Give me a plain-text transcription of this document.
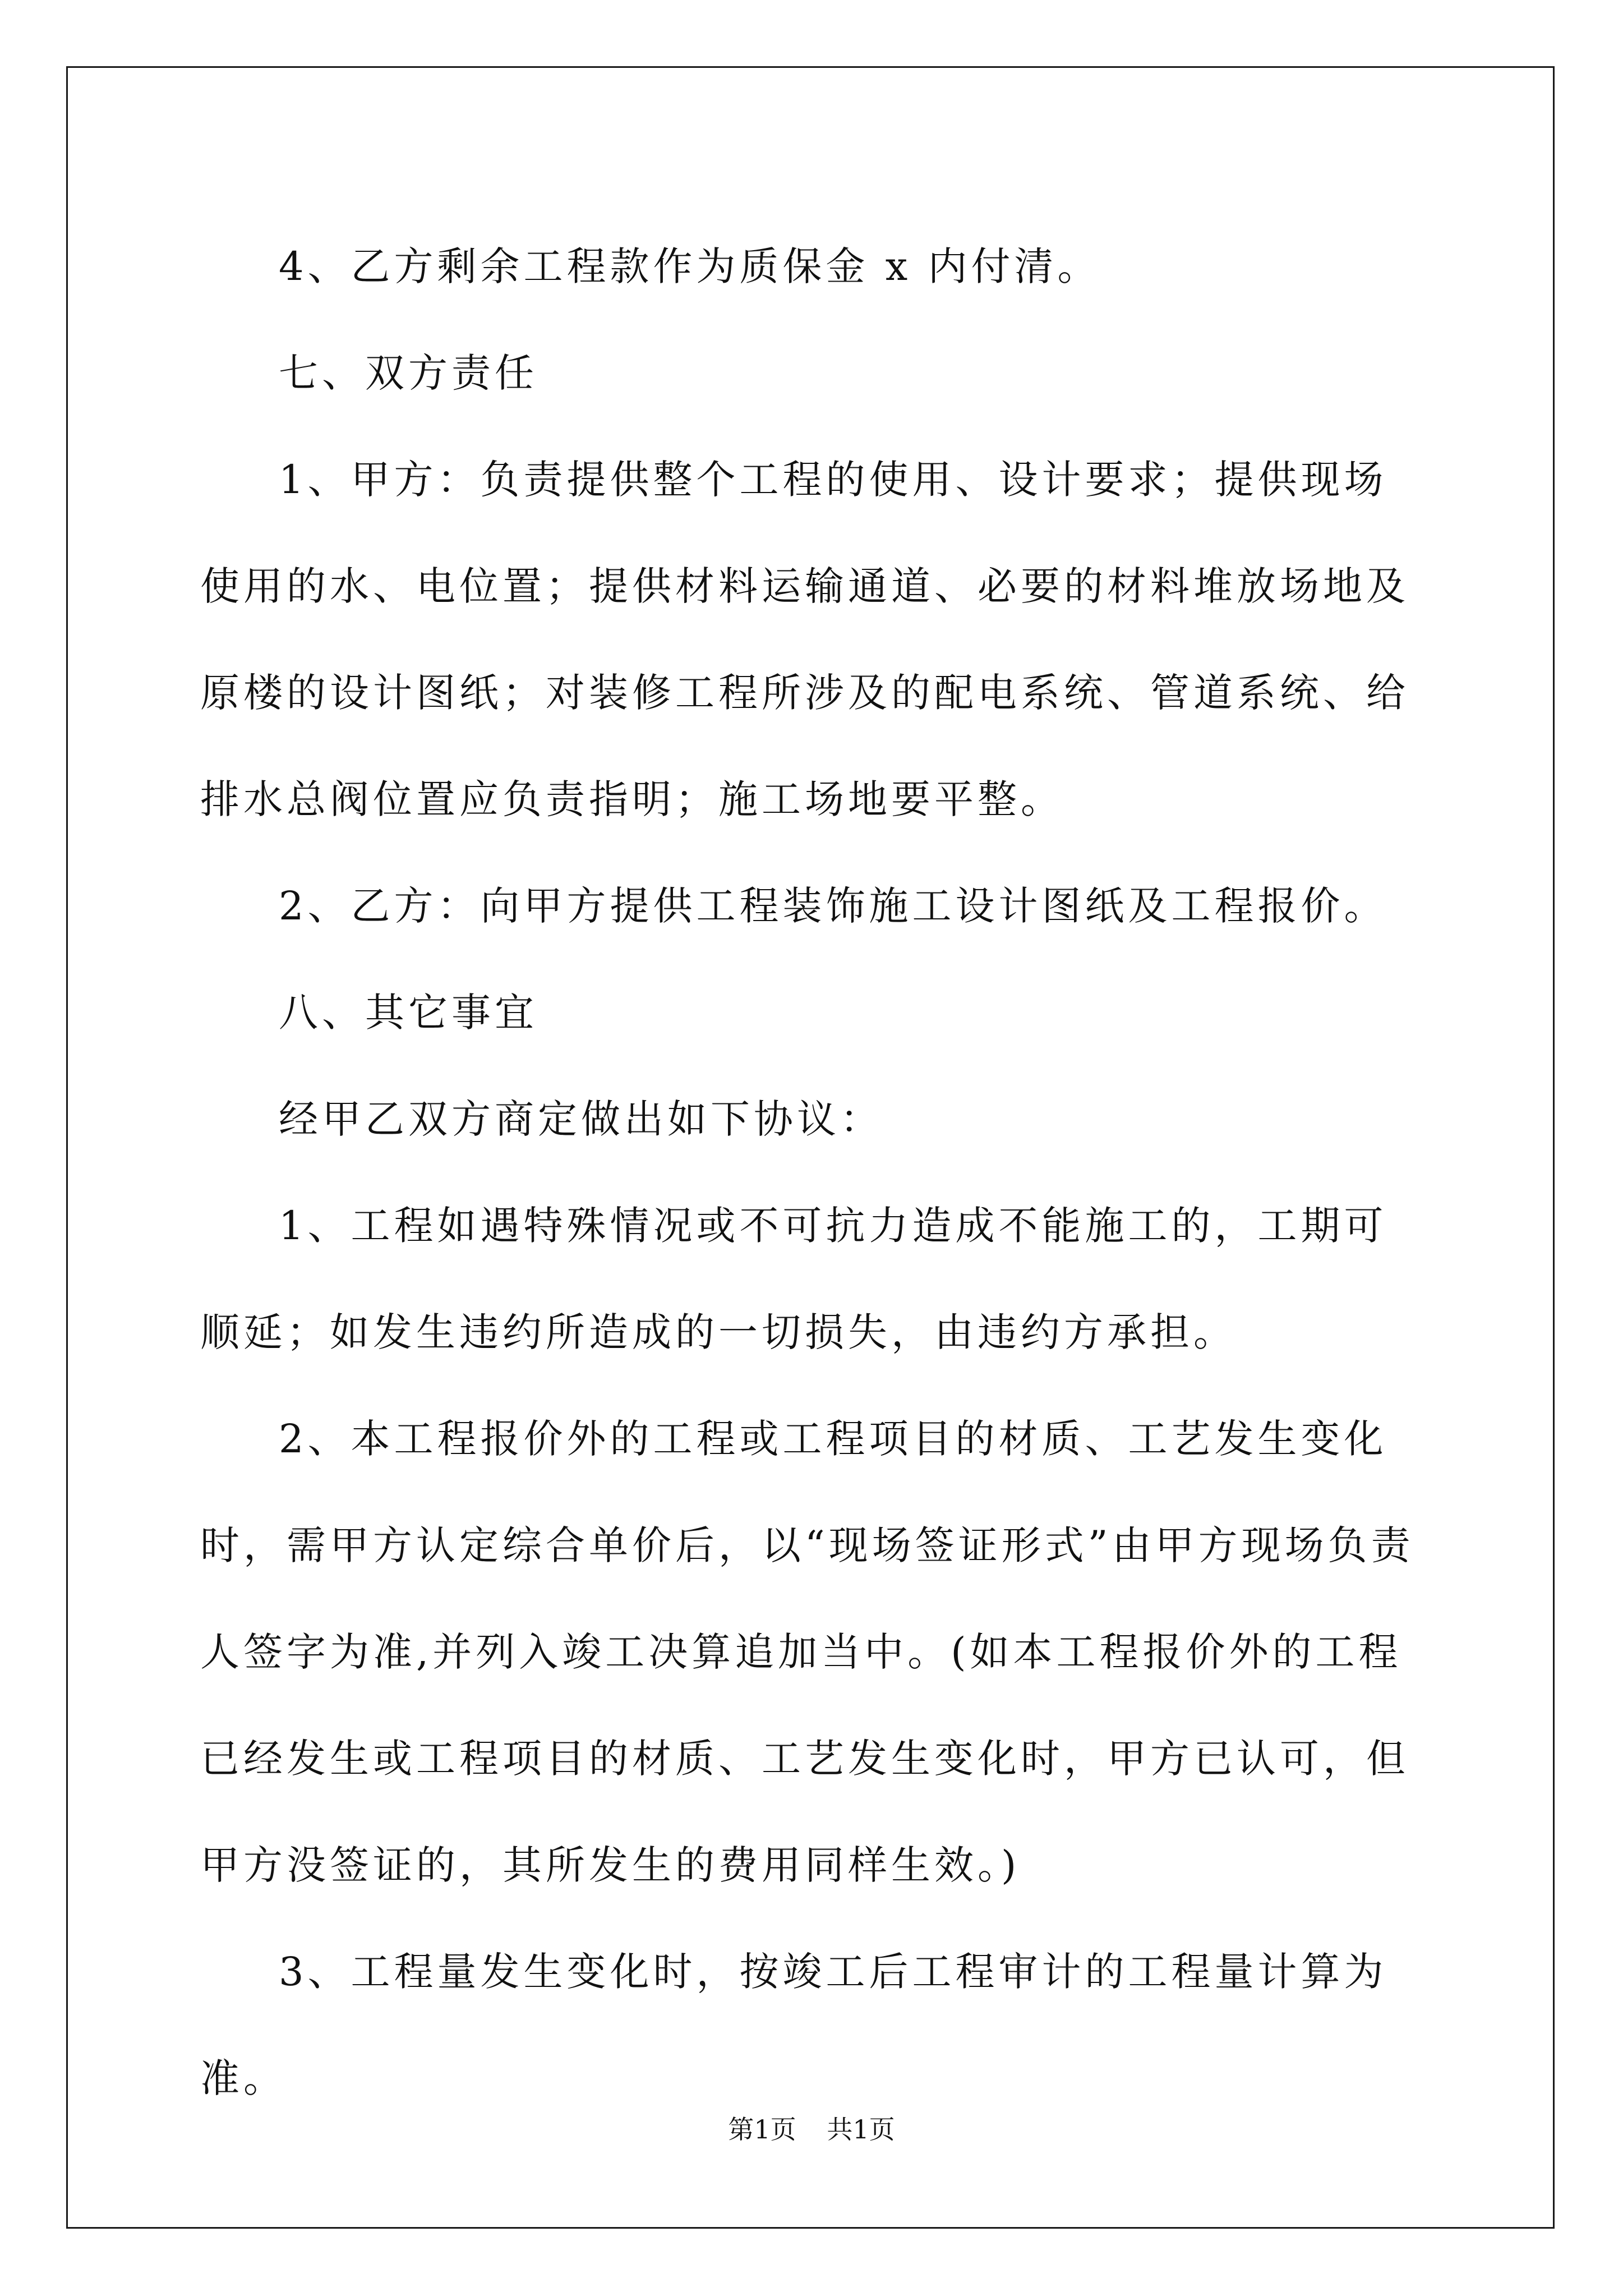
4、乙方剩余工程款作为质保金 x 内付清。

七、双方责任

1、甲方：负责提供整个工程的使用、设计要求；提供现场使用的水、电位置；提供材料运输通道、必要的材料堆放场地及原楼的设计图纸；对装修工程所涉及的配电系统、管道系统、给排水总阀位置应负责指明；施工场地要平整。

2、乙方：向甲方提供工程装饰施工设计图纸及工程报价。

八、其它事宜

经甲乙双方商定做出如下协议：

1、工程如遇特殊情况或不可抗力造成不能施工的，工期可顺延；如发生违约所造成的一切损失，由违约方承担。

2、本工程报价外的工程或工程项目的材质、工艺发生变化时，需甲方认定综合单价后，以“现场签证形式”由甲方现场负责人签字为准,并列入竣工决算追加当中。(如本工程报价外的工程已经发生或工程项目的材质、工艺发生变化时，甲方已认可，但甲方没签证的，其所发生的费用同样生效。)

3、工程量发生变化时，按竣工后工程审计的工程量计算为准。

第1页 共1页
